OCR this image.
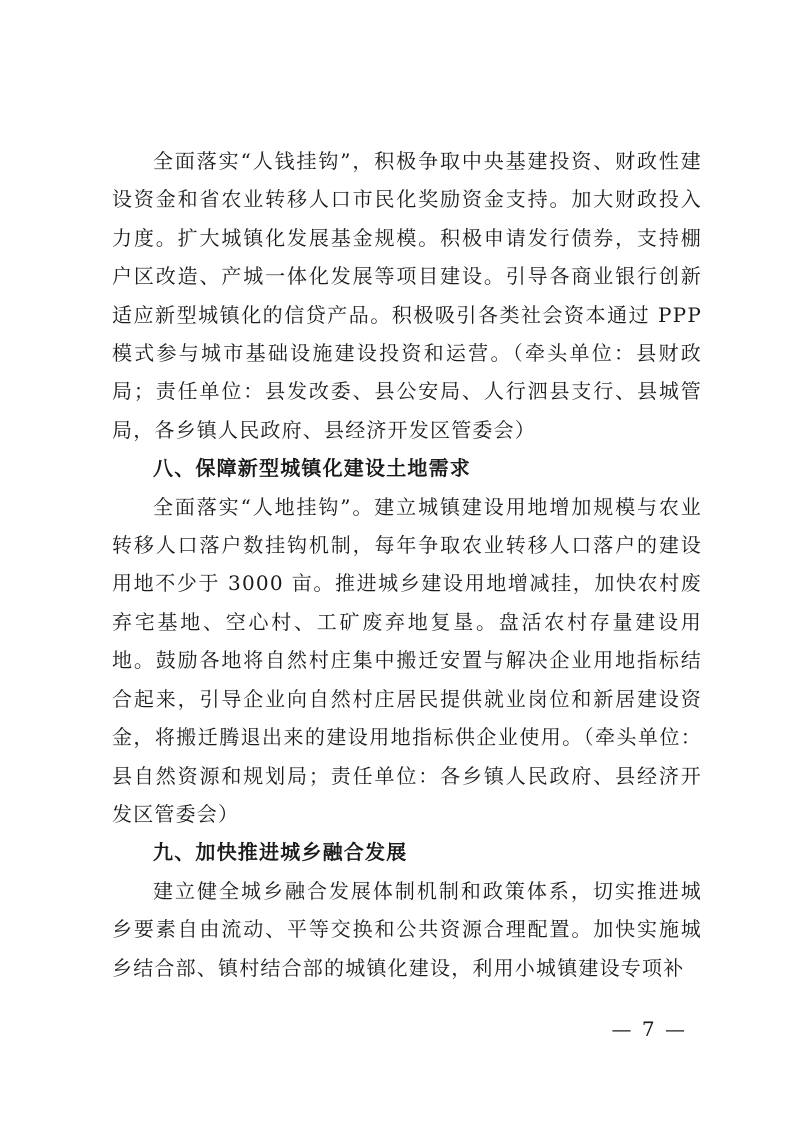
全面落实“人钱挂钩”，积极争取中央基建投资、财政性建设资金和省农业转移人口市民化奖励资金支持。加大财政投入力度。扩大城镇化发展基金规模。积极申请发行债券，支持棚户区改造、产城一体化发展等项目建设。引导各商业银行创新适应新型城镇化的信贷产品。积极吸引各类社会资本通过 PPP 模式参与城市基础设施建设投资和运营。（牵头单位：县财政局；责任单位：县发改委、县公安局、人行泗县支行、县城管局，各乡镇人民政府、县经济开发区管委会）

八、保障新型城镇化建设土地需求

全面落实“人地挂钩”。建立城镇建设用地增加规模与农业转移人口落户数挂钩机制，每年争取农业转移人口落户的建设用地不少于 3000 亩。推进城乡建设用地增减挂，加快农村废弃宅基地、空心村、工矿废弃地复垦。盘活农村存量建设用地。鼓励各地将自然村庄集中搬迁安置与解决企业用地指标结合起来，引导企业向自然村庄居民提供就业岗位和新居建设资金，将搬迁腾退出来的建设用地指标供企业使用。（牵头单位：县自然资源和规划局；责任单位：各乡镇人民政府、县经济开发区管委会）

九、加快推进城乡融合发展

建立健全城乡融合发展体制机制和政策体系，切实推进城乡要素自由流动、平等交换和公共资源合理配置。加快实施城乡结合部、镇村结合部的城镇化建设，利用小城镇建设专项补

— 7 —
